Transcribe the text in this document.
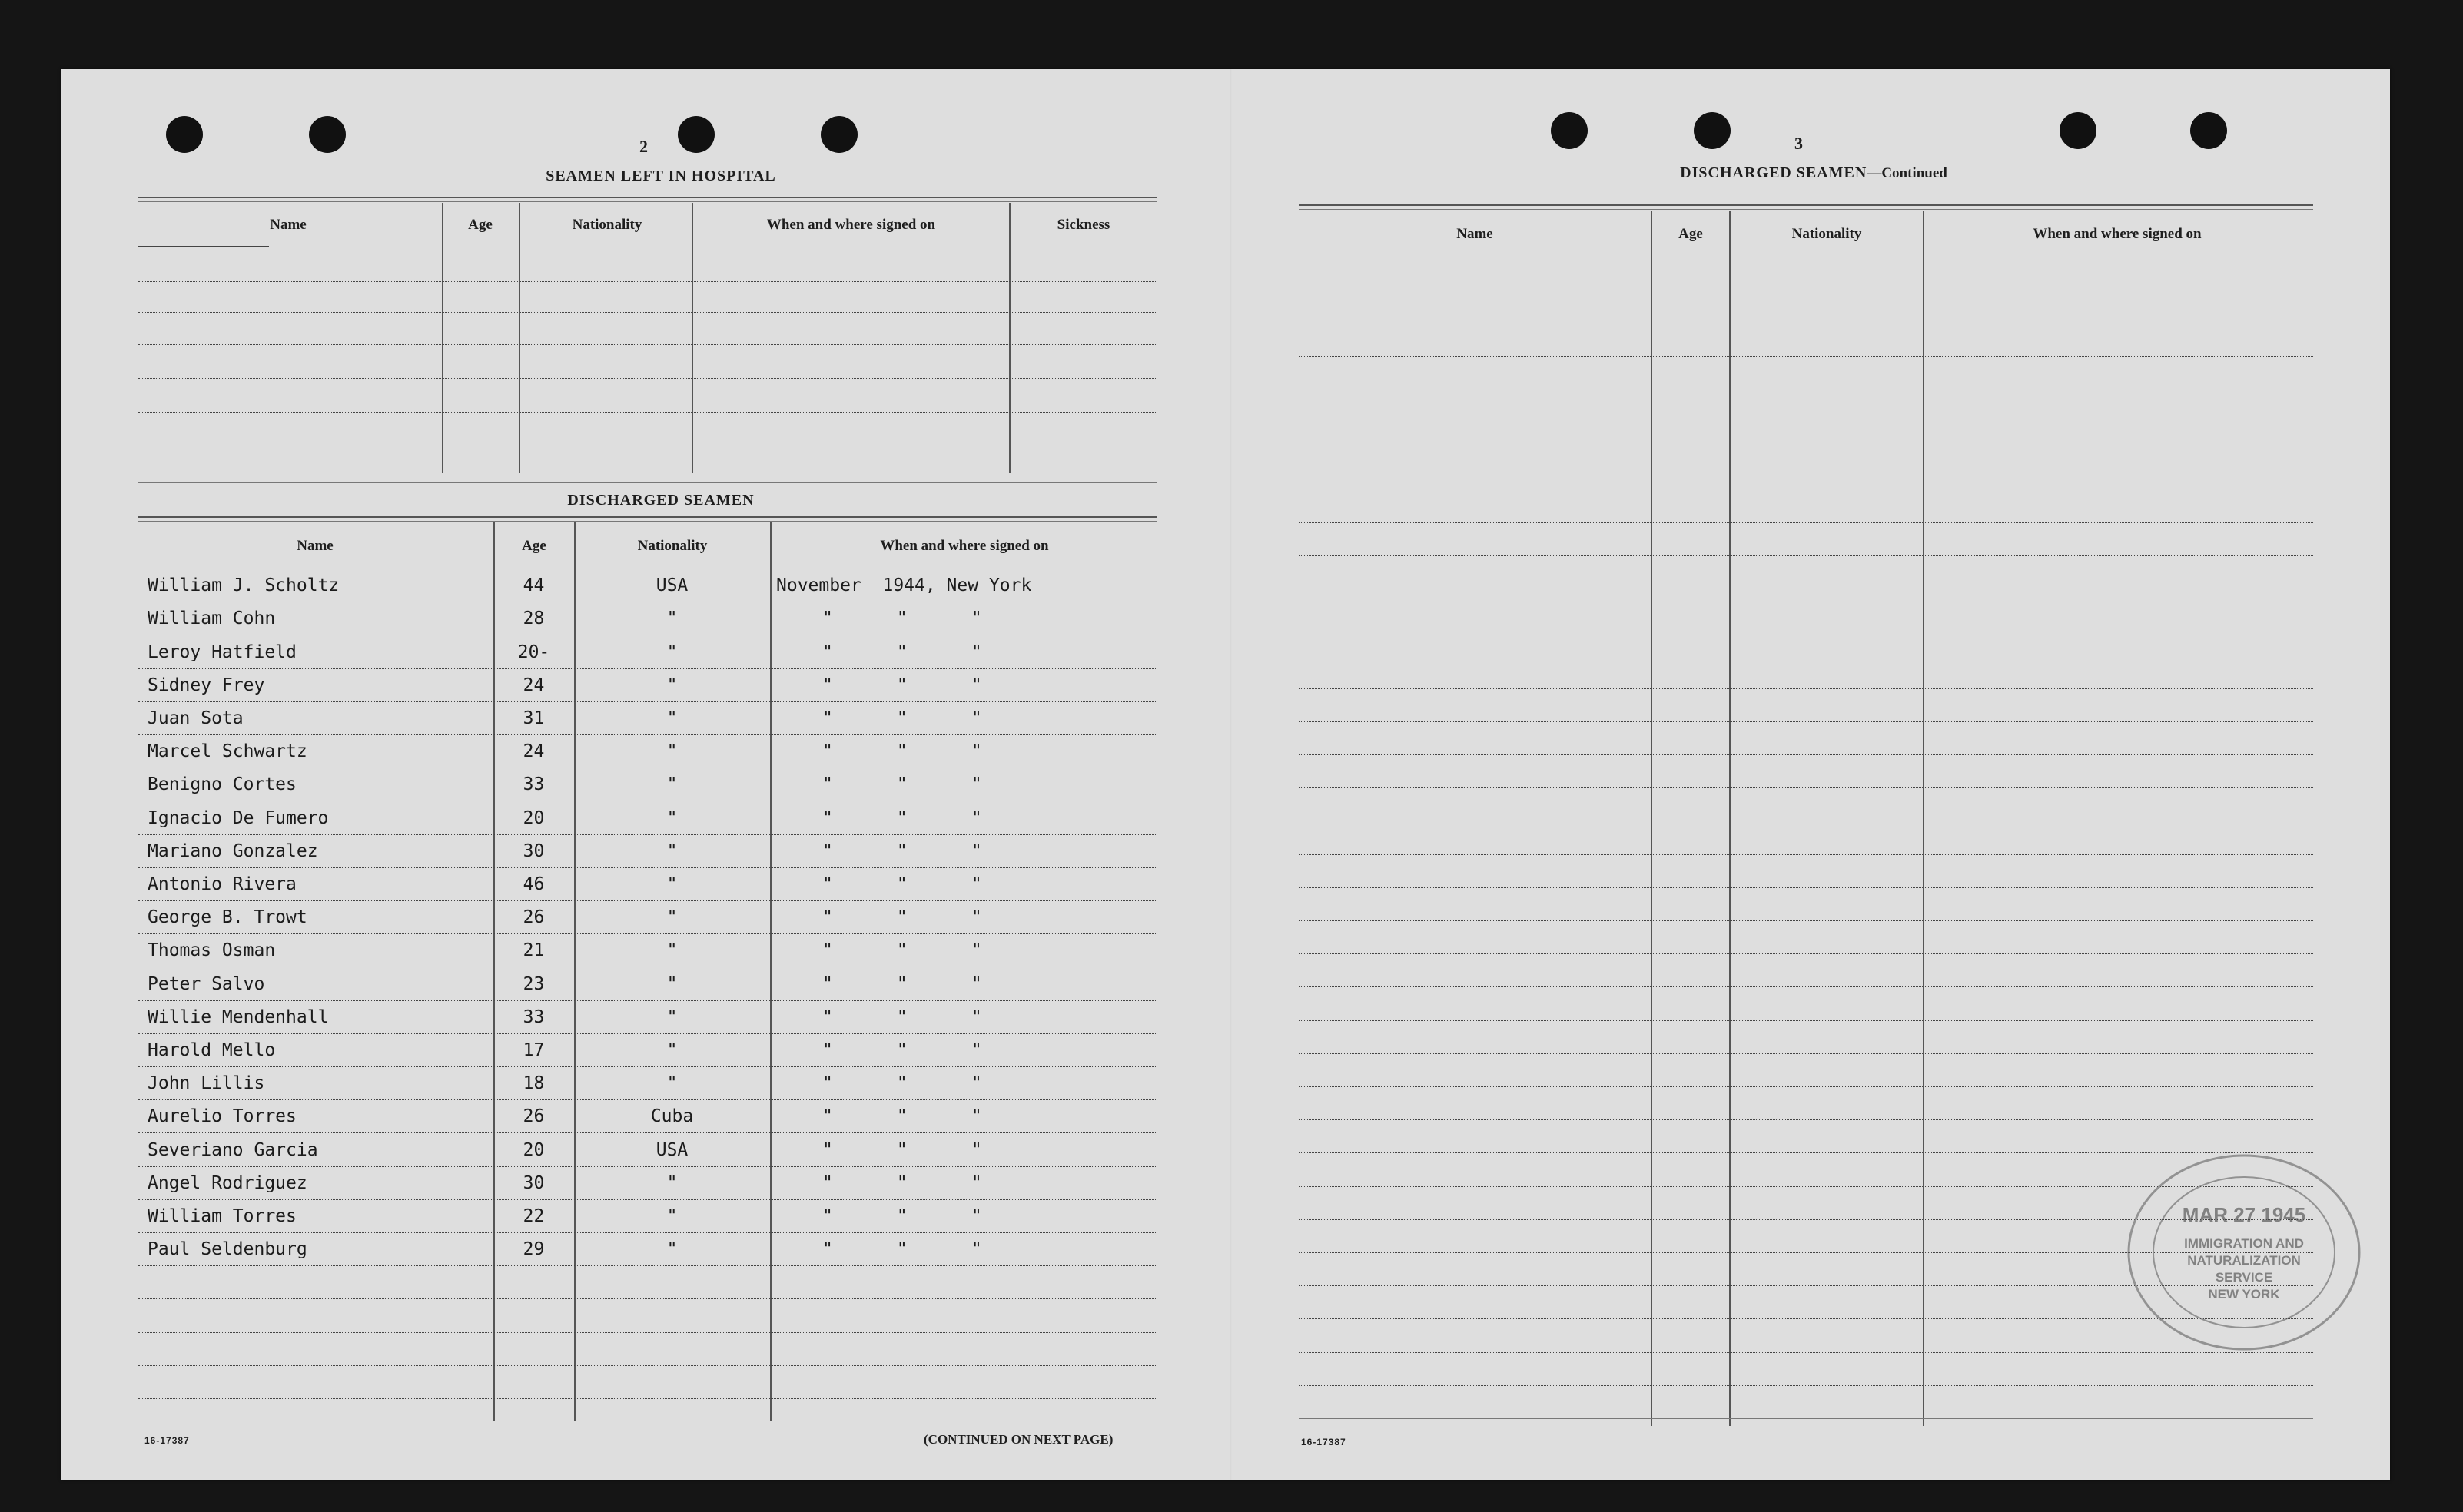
2
SEAMEN LEFT IN HOSPITAL
Name	Age	Nationality	When and where signed on	Sickness
DISCHARGED SEAMEN
Name	Age	Nationality	When and where signed on
William J. Scholtz	44	USA	November  1944, New York
William Cohn	28	"	"      "      "
Leroy Hatfield	20-	"	"      "      "
Sidney Frey	24	"	"      "      "
Juan Sota	31	"	"      "      "
Marcel Schwartz	24	"	"      "      "
Benigno Cortes	33	"	"      "      "
Ignacio De Fumero	20	"	"      "      "
Mariano Gonzalez	30	"	"      "      "
Antonio Rivera	46	"	"      "      "
George B. Trowt	26	"	"      "      "
Thomas Osman	21	"	"      "      "
Peter Salvo	23	"	"      "      "
Willie Mendenhall	33	"	"      "      "
Harold Mello	17	"	"      "      "
John Lillis	18	"	"      "      "
Aurelio Torres	26	Cuba	"      "      "
Severiano Garcia	20	USA	"      "      "
Angel Rodriguez	30	"	"      "      "
William Torres	22	"	"      "      "
Paul Seldenburg	29	"	"      "      "
16-17387	(CONTINUED ON NEXT PAGE)
3
DISCHARGED SEAMEN—Continued
Name	Age	Nationality	When and where signed on
16-17387
MAR 27 1945
IMMIGRATION AND
NATURALIZATION
SERVICE
NEW YORK
